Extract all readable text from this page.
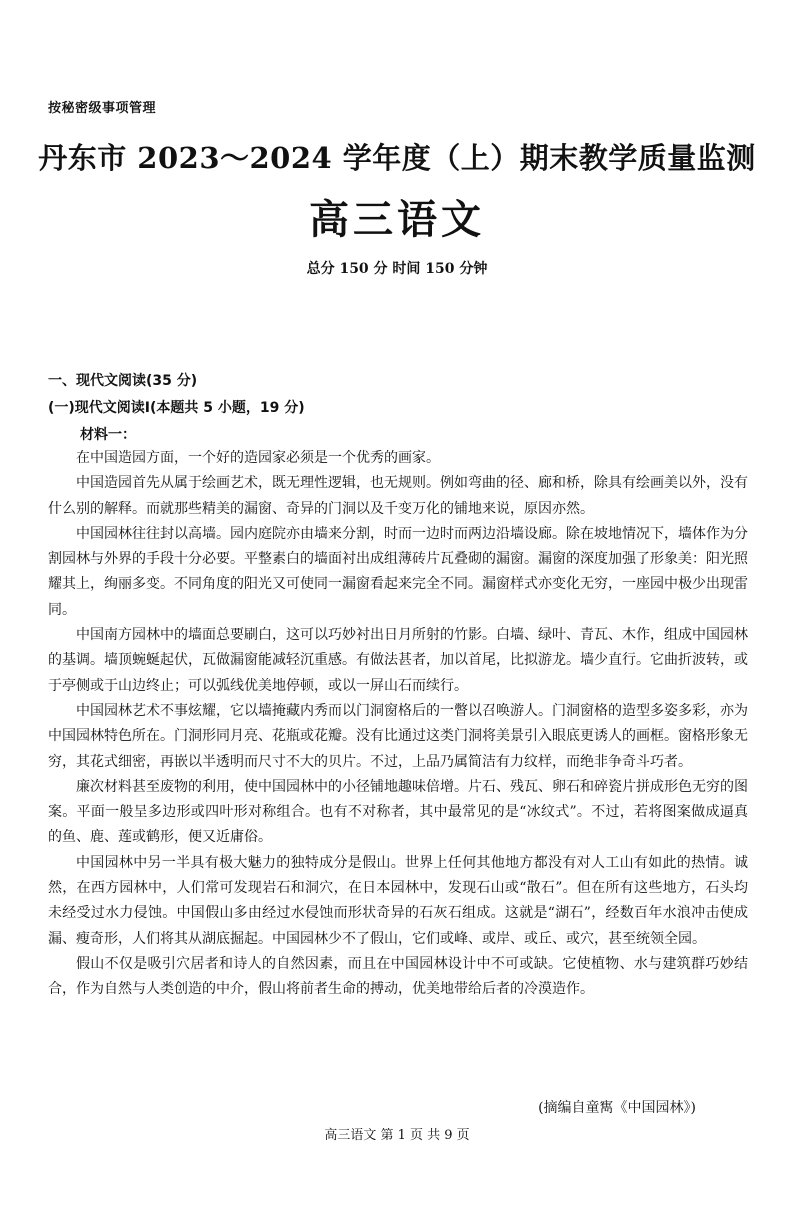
按秘密级事项管理
丹东市 2023～2024 学年度（上）期末教学质量监测
高三语文
总分 150 分 时间 150 分钟
一、现代文阅读(35 分)
(一)现代文阅读Ⅰ(本题共 5 小题，19 分)
材料一：

在中国造园方面，一个好的造园家必须是一个优秀的画家。

中国造园首先从属于绘画艺术，既无理性逻辑，也无规则。例如弯曲的径、廊和桥，除具有绘画美以外，没有什么别的解释。而就那些精美的漏窗、奇异的门洞以及千变万化的铺地来说，原因亦然。

中国园林往往封以高墙。园内庭院亦由墙来分割，时而一边时而两边沿墙设廊。除在坡地情况下，墙体作为分割园林与外界的手段十分必要。平整素白的墙面衬出成组薄砖片瓦叠砌的漏窗。漏窗的深度加强了形象美：阳光照耀其上，绚丽多变。不同角度的阳光又可使同一漏窗看起来完全不同。漏窗样式亦变化无穷，一座园中极少出现雷同。

中国南方园林中的墙面总要刷白，这可以巧妙衬出日月所射的竹影。白墙、绿叶、青瓦、木作，组成中国园林的基调。墙顶蜿蜒起伏，瓦做漏窗能减轻沉重感。有做法甚者，加以首尾，比拟游龙。墙少直行。它曲折波转，或于亭侧或于山边终止；可以弧线优美地停顿，或以一屏山石而续行。

中国园林艺术不事炫耀，它以墙掩藏内秀而以门洞窗格后的一瞥以召唤游人。门洞窗格的造型多姿多彩，亦为中国园林特色所在。门洞形同月亮、花瓶或花瓣。没有比通过这类门洞将美景引入眼底更诱人的画框。窗格形象无穷，其花式细密，再嵌以半透明而尺寸不大的贝片。不过，上品乃属简洁有力纹样，而绝非争奇斗巧者。

廉次材料甚至废物的利用，使中国园林中的小径铺地趣味倍增。片石、残瓦、卵石和碎瓷片拼成形色无穷的图案。平面一般呈多边形或四叶形对称组合。也有不对称者，其中最常见的是“冰纹式”。不过，若将图案做成逼真的鱼、鹿、莲或鹤形，便又近庸俗。

中国园林中另一半具有极大魅力的独特成分是假山。世界上任何其他地方都没有对人工山有如此的热情。诚然，在西方园林中，人们常可发现岩石和洞穴，在日本园林中，发现石山或“散石”。但在所有这些地方，石头均未经受过水力侵蚀。中国假山多由经过水侵蚀而形状奇异的石灰石组成。这就是“湖石”，经数百年水浪冲击使成漏、瘦奇形，人们将其从湖底掘起。中国园林少不了假山，它们或峰、或岸、或丘、或穴，甚至统领全园。

假山不仅是吸引穴居者和诗人的自然因素，而且在中国园林设计中不可或缺。它使植物、水与建筑群巧妙结合，作为自然与人类创造的中介，假山将前者生命的搏动，优美地带给后者的冷漠造作。

(摘编自童寯《中国园林》)
高三语文 第 1 页 共 9 页
